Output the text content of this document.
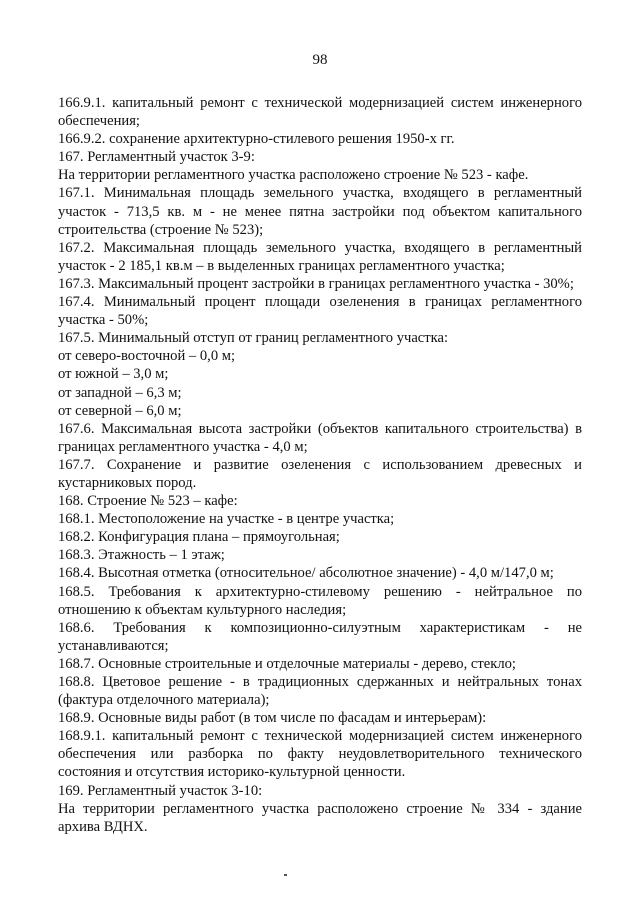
98

166.9.1. капитальный ремонт с технической модернизацией систем инженерного обеспечения;

166.9.2. сохранение архитектурно-стилевого решения 1950-х гг.

167. Регламентный участок 3-9:

На территории регламентного участка расположено строение № 523 - кафе.

167.1. Минимальная площадь земельного участка, входящего в регламентный участок - 713,5 кв. м - не менее пятна застройки под объектом капитального строительства (строение № 523);

167.2. Максимальная площадь земельного участка, входящего в регламентный участок - 2 185,1 кв.м – в выделенных границах регламентного участка;

167.3. Максимальный процент застройки в границах регламентного участка - 30%;

167.4. Минимальный процент площади озеленения в границах регламентного участка - 50%;

167.5. Минимальный отступ от границ регламентного участка:

от северо-восточной – 0,0 м;

от южной – 3,0 м;

от западной – 6,3 м;

от северной – 6,0 м;

167.6. Максимальная высота застройки (объектов капитального строительства) в границах регламентного участка - 4,0 м;

167.7. Сохранение и развитие озеленения с использованием древесных и кустарниковых пород.

168. Строение № 523 – кафе:

168.1. Местоположение на участке - в центре участка;

168.2. Конфигурация плана – прямоугольная;

168.3. Этажность – 1 этаж;

168.4. Высотная отметка (относительное/ абсолютное значение) - 4,0 м/147,0 м;

168.5. Требования к архитектурно-стилевому решению - нейтральное по отношению к объектам культурного наследия;

168.6. Требования к композиционно-силуэтным характеристикам - не устанавливаются;

168.7. Основные строительные и отделочные материалы - дерево, стекло;

168.8. Цветовое решение - в традиционных сдержанных и нейтральных тонах (фактура отделочного материала);

168.9. Основные виды работ (в том числе по фасадам и интерьерам):

168.9.1. капитальный ремонт с технической модернизацией систем инженерного обеспечения или разборка по факту неудовлетворительного технического состояния и отсутствия историко-культурной ценности.

169. Регламентный участок 3-10:

На территории регламентного участка расположено строение № 334 - здание архива ВДНХ.
